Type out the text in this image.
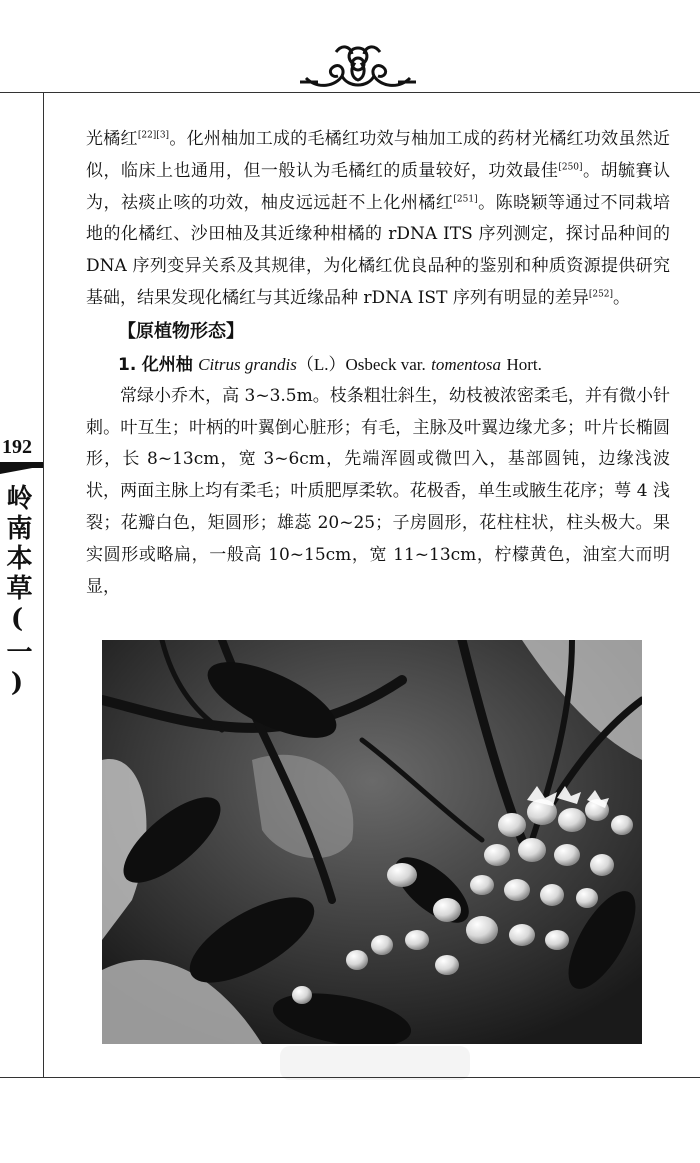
192
岭南本草(一)

光橘红[22][3]。化州柚加工成的毛橘红功效与柚加工成的药材光橘红功效虽然近似，临床上也通用，但一般认为毛橘红的质量较好，功效最佳[250]。胡毓賽认为，祛痰止咳的功效，柚皮远远赶不上化州橘红[251]。陈晓颖等通过不同栽培地的化橘红、沙田柚及其近缘种柑橘的 rDNA ITS 序列测定，探讨品种间的 DNA 序列变异关系及其规律，为化橘红优良品种的鉴别和种质资源提供研究基础，结果发现化橘红与其近缘品种 rDNA IST 序列有明显的差异[252]。

【原植物形态】

1. 化州柚 Citrus grandis（L.）Osbeck var. tomentosa Hort.

常绿小乔木，高 3~3.5m。枝条粗壮斜生，幼枝被浓密柔毛，并有微小针刺。叶互生；叶柄的叶翼倒心脏形；有毛，主脉及叶翼边缘尤多；叶片长椭圆形，长 8~13cm，宽 3~6cm，先端浑圆或微凹入，基部圆钝，边缘浅波状，两面主脉上均有柔毛；叶质肥厚柔软。花极香，单生或腋生花序；萼 4 浅裂；花瓣白色，矩圆形；雄蕊 20~25；子房圆形，花柱柱状，柱头极大。果实圆形或略扁，一般高 10~15cm，宽 11~13cm，柠檬黄色，油室大而明显，
